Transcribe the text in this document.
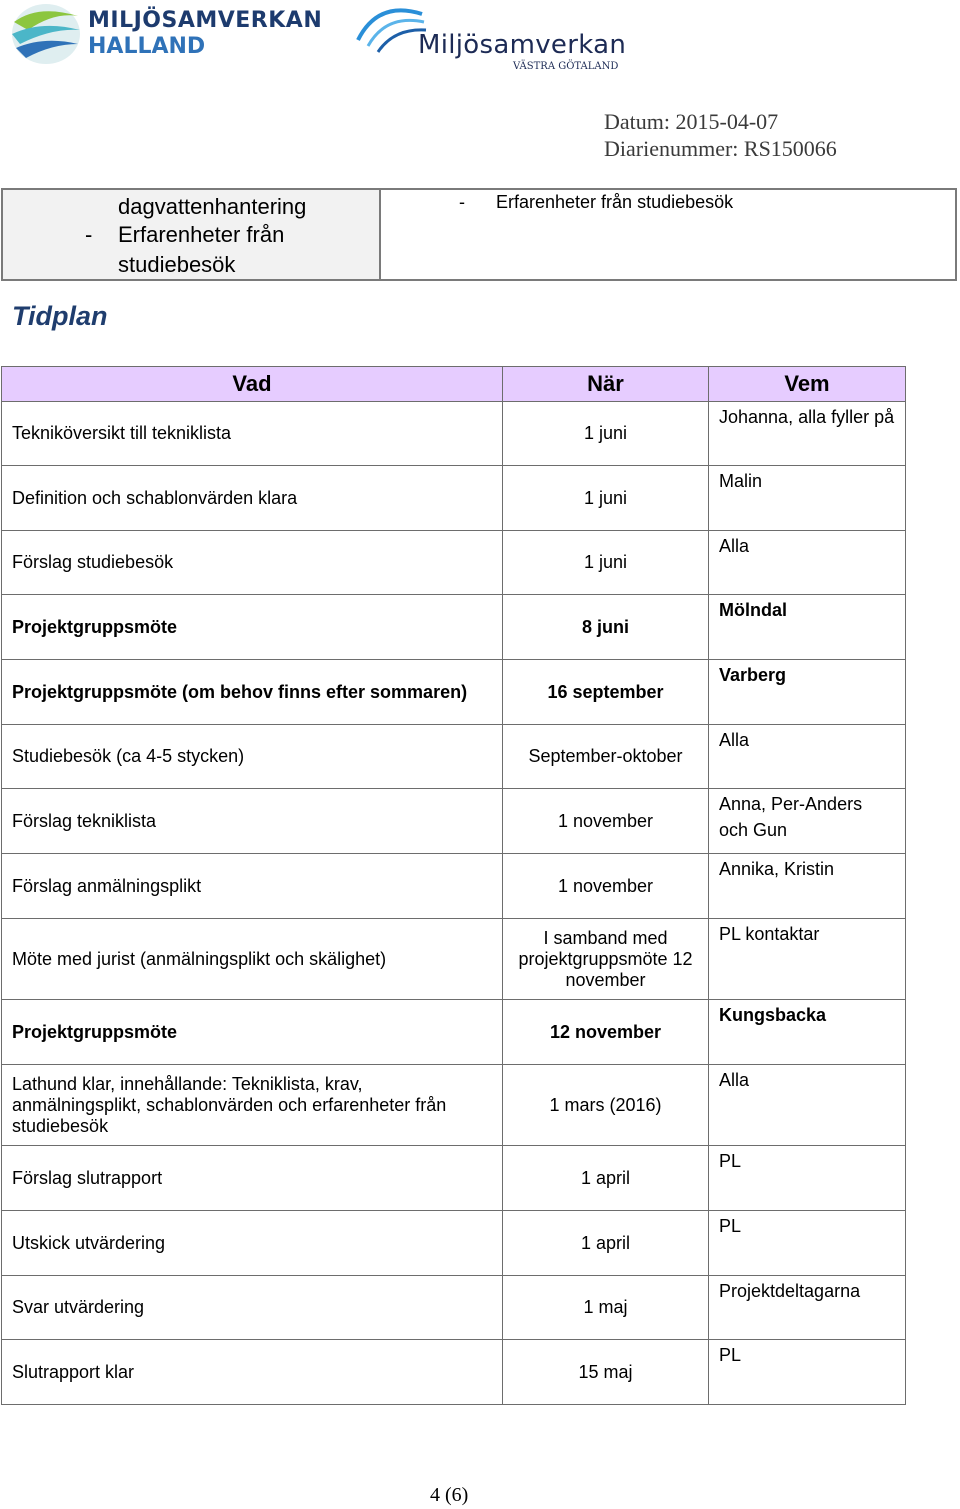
MILJÖSAMVERKAN
HALLAND	Miljösamverkan
VÄSTRA GÖTALAND
Datum: 2015-04-07
Diarienummer: RS150066
dagvattenhantering
- Erfarenheter från
studiebesök

- Erfarenheter från studiebesök
Tidplan
Vad	När	Vem
Tekniköversikt till tekniklista	1 juni	Johanna, alla fyller på
Definition och schablonvärden klara	1 juni	Malin
Förslag studiebesök	1 juni	Alla
Projektgruppsmöte	8 juni	Mölndal
Projektgruppsmöte (om behov finns efter sommaren)	16 september	Varberg
Studiebesök (ca 4-5 stycken)	September-oktober	Alla
Förslag tekniklista	1 november	Anna, Per-Anders och Gun
Förslag anmälningsplikt	1 november	Annika, Kristin
Möte med jurist (anmälningsplikt och skälighet)	I samband med projektgruppsmöte 12 november	PL kontaktar
Projektgruppsmöte	12 november	Kungsbacka
Lathund klar, innehållande: Tekniklista, krav, anmälningsplikt, schablonvärden och erfarenheter från studiebesök	1 mars (2016)	Alla
Förslag slutrapport	1 april	PL
Utskick utvärdering	1 april	PL
Svar utvärdering	1 maj	Projektdeltagarna
Slutrapport klar	15 maj	PL
4 (6)
